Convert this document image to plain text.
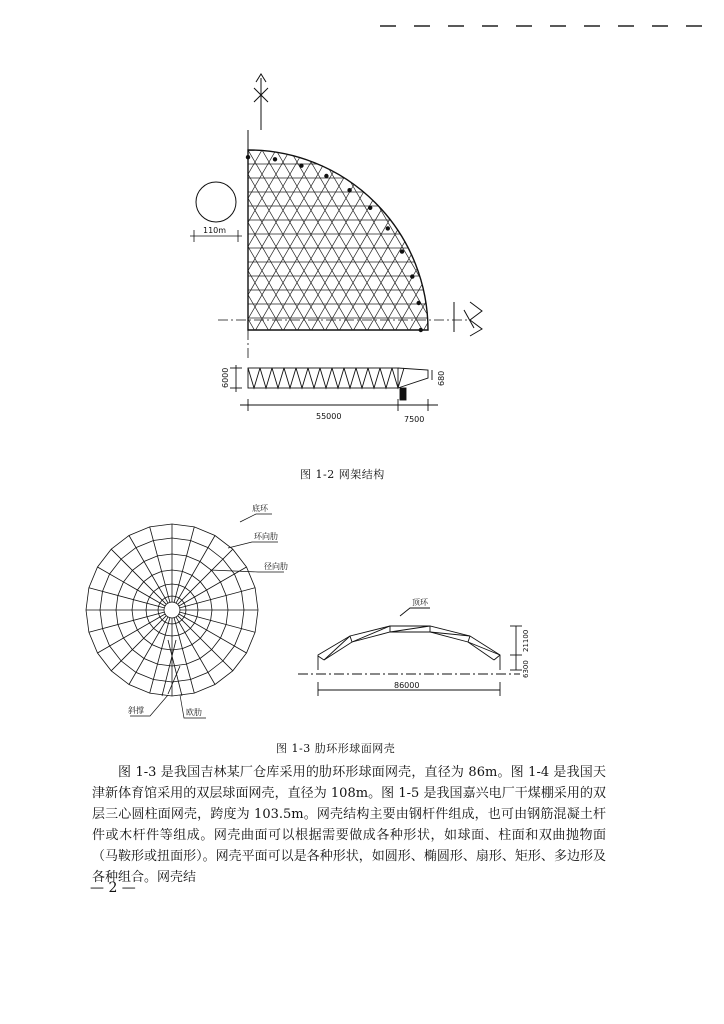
110m
6000	680
55000	7500
图 1-2 网架结构
底环
环向肋
径向肋
斜撑	欧肋
顶环
86000
21100
6300
图 1-3 肋环形球面网壳

图 1-3 是我国吉林某厂仓库采用的肋环形球面网壳，直径为 86m。图 1-4 是我国天津新体育馆采用的双层球面网壳，直径为 108m。图 1-5 是我国嘉兴电厂干煤棚采用的双层三心圆柱面网壳，跨度为 103.5m。网壳结构主要由钢杆件组成，也可由钢筋混凝土杆件或木杆件等组成。网壳曲面可以根据需要做成各种形状，如球面、柱面和双曲抛物面（马鞍形或扭面形）。网壳平面可以是各种形状，如圆形、椭圆形、扇形、矩形、多边形及各种组合。网壳结

— 2 —
